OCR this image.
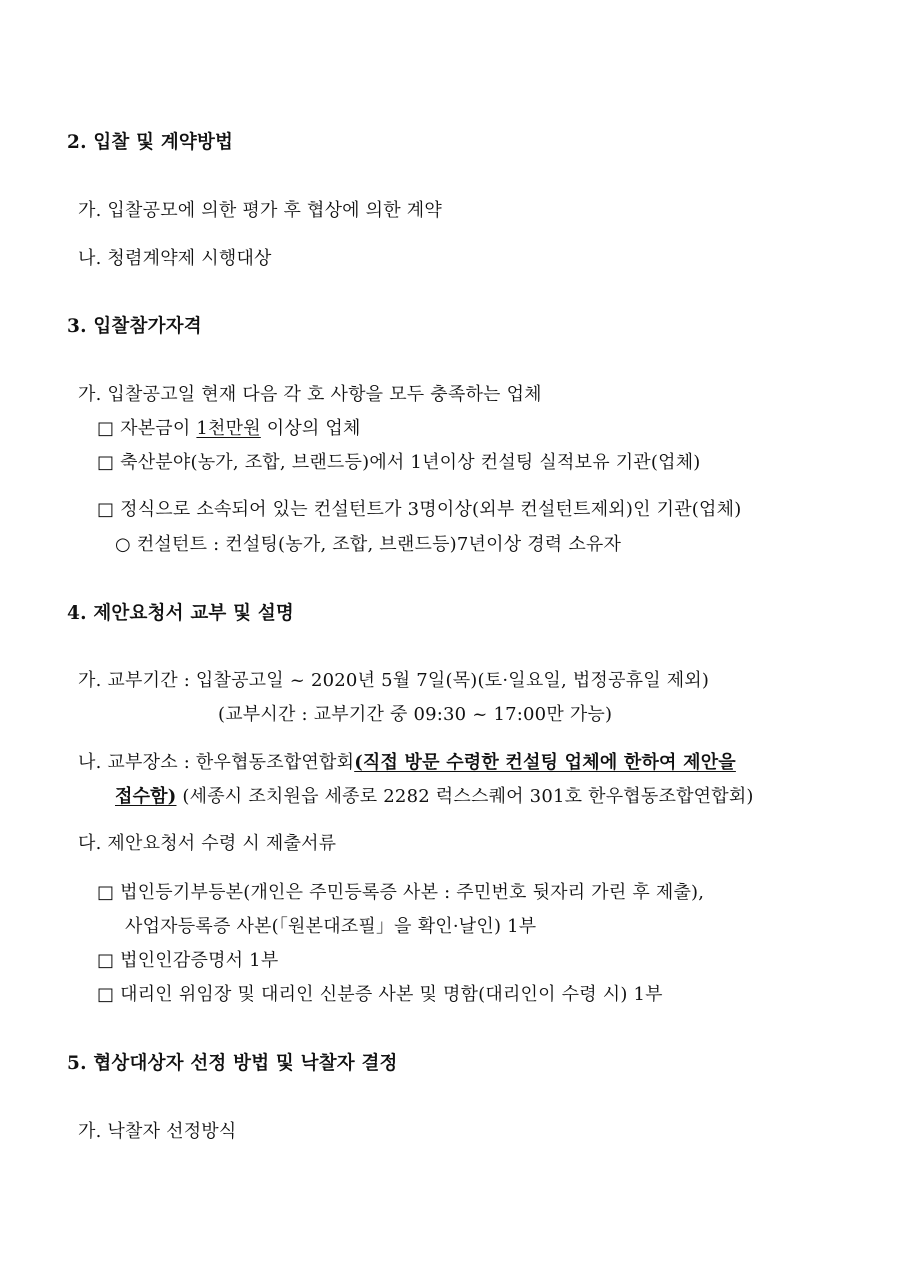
2. 입찰 및 계약방법
가. 입찰공모에 의한 평가 후 협상에 의한 계약
나. 청렴계약제 시행대상
3. 입찰참가자격
가. 입찰공고일 현재 다음 각 호 사항을 모두 충족하는 업체
□ 자본금이 1천만원 이상의 업체
□ 축산분야(농가, 조합, 브랜드등)에서 1년이상 컨설팅 실적보유 기관(업체)
□ 정식으로 소속되어 있는 컨설턴트가 3명이상(외부 컨설턴트제외)인 기관(업체)
○ 컨설턴트 : 컨설팅(농가, 조합, 브랜드등)7년이상 경력 소유자
4. 제안요청서 교부 및 설명
가. 교부기간 : 입찰공고일 ~ 2020년 5월 7일(목)(토·일요일, 법정공휴일 제외)
(교부시간 : 교부기간 중 09:30 ~ 17:00만 가능)
나. 교부장소 : 한우협동조합연합회(직접 방문 수령한 컨설팅 업체에 한하여 제안을
접수함) (세종시 조치원읍 세종로 2282 럭스스퀘어 301호 한우협동조합연합회)
다. 제안요청서 수령 시 제출서류
□ 법인등기부등본(개인은 주민등록증 사본 : 주민번호 뒷자리 가린 후 제출),
사업자등록증 사본(「원본대조필」을 확인·날인) 1부
□ 법인인감증명서 1부
□ 대리인 위임장 및 대리인 신분증 사본 및 명함(대리인이 수령 시) 1부
5. 협상대상자 선정 방법 및 낙찰자 결정
가. 낙찰자 선정방식
